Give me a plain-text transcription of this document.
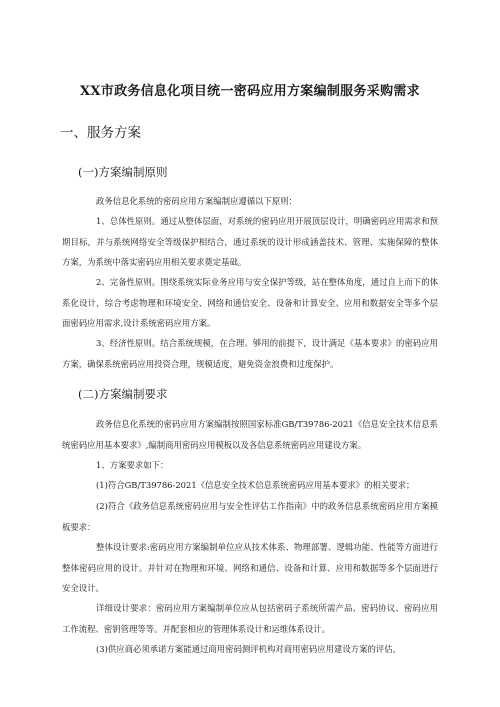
XX市政务信息化项目统一密码应用方案编制服务采购需求
一、服务方案
(一)方案编制原则

政务信息化系统的密码应用方案编制应遵循以下原则：

1、总体性原则。通过从整体层面，对系统的密码应用开展顶层设计，明确密码应用需求和预期目标，并与系统网络安全等级保护相结合，通过系统的设计形成涵盖技术、管理、实施保障的整体方案，为系统中落实密码应用相关要求奠定基础。

2、完备性原则。围绕系统实际业务应用与安全保护等级，站在整体角度，通过自上而下的体系化设计，综合考虑物理和环境安全、网络和通信安全、设备和计算安全、应用和数据安全等多个层面密码应用需求,设计系统密码应用方案。

3、经济性原则。结合系统规模，在合理、够用的前提下，设计满足《基本要求》的密码应用方案，确保系统密码应用投资合理，规模适度，避免资金浪费和过度保护。

(二)方案编制要求

政务信息化系统的密码应用方案编制按照国家标准GB/T39786-2021《信息安全技术信息系统密码应用基本要求》,编制商用密码应用模板以及各信息系统密码应用建设方案。

1、方案要求如下：

(1)符合GB/T39786-2021《信息安全技术信息系统密码应用基本要求》的相关要求；

(2)符合《政务信息系统密码应用与安全性评估工作指南》中的政务信息系统密码应用方案模板要求：

整体设计要求:密码应用方案编制单位应从技术体系、物理部署、逻辑功能、性能等方面进行整体密码应用的设计。并针对在物理和环境、网络和通信、设备和计算、应用和数据等多个层面进行安全设计。

详细设计要求：密码应用方案编制单位应从包括密码子系统所需产品、密码协议、密码应用工作流程、密钥管理等等。并配套相应的管理体系设计和运维体系设计。

(3)供应商必须承诺方案能通过商用密码测评机构对商用密码应用建设方案的评估，
